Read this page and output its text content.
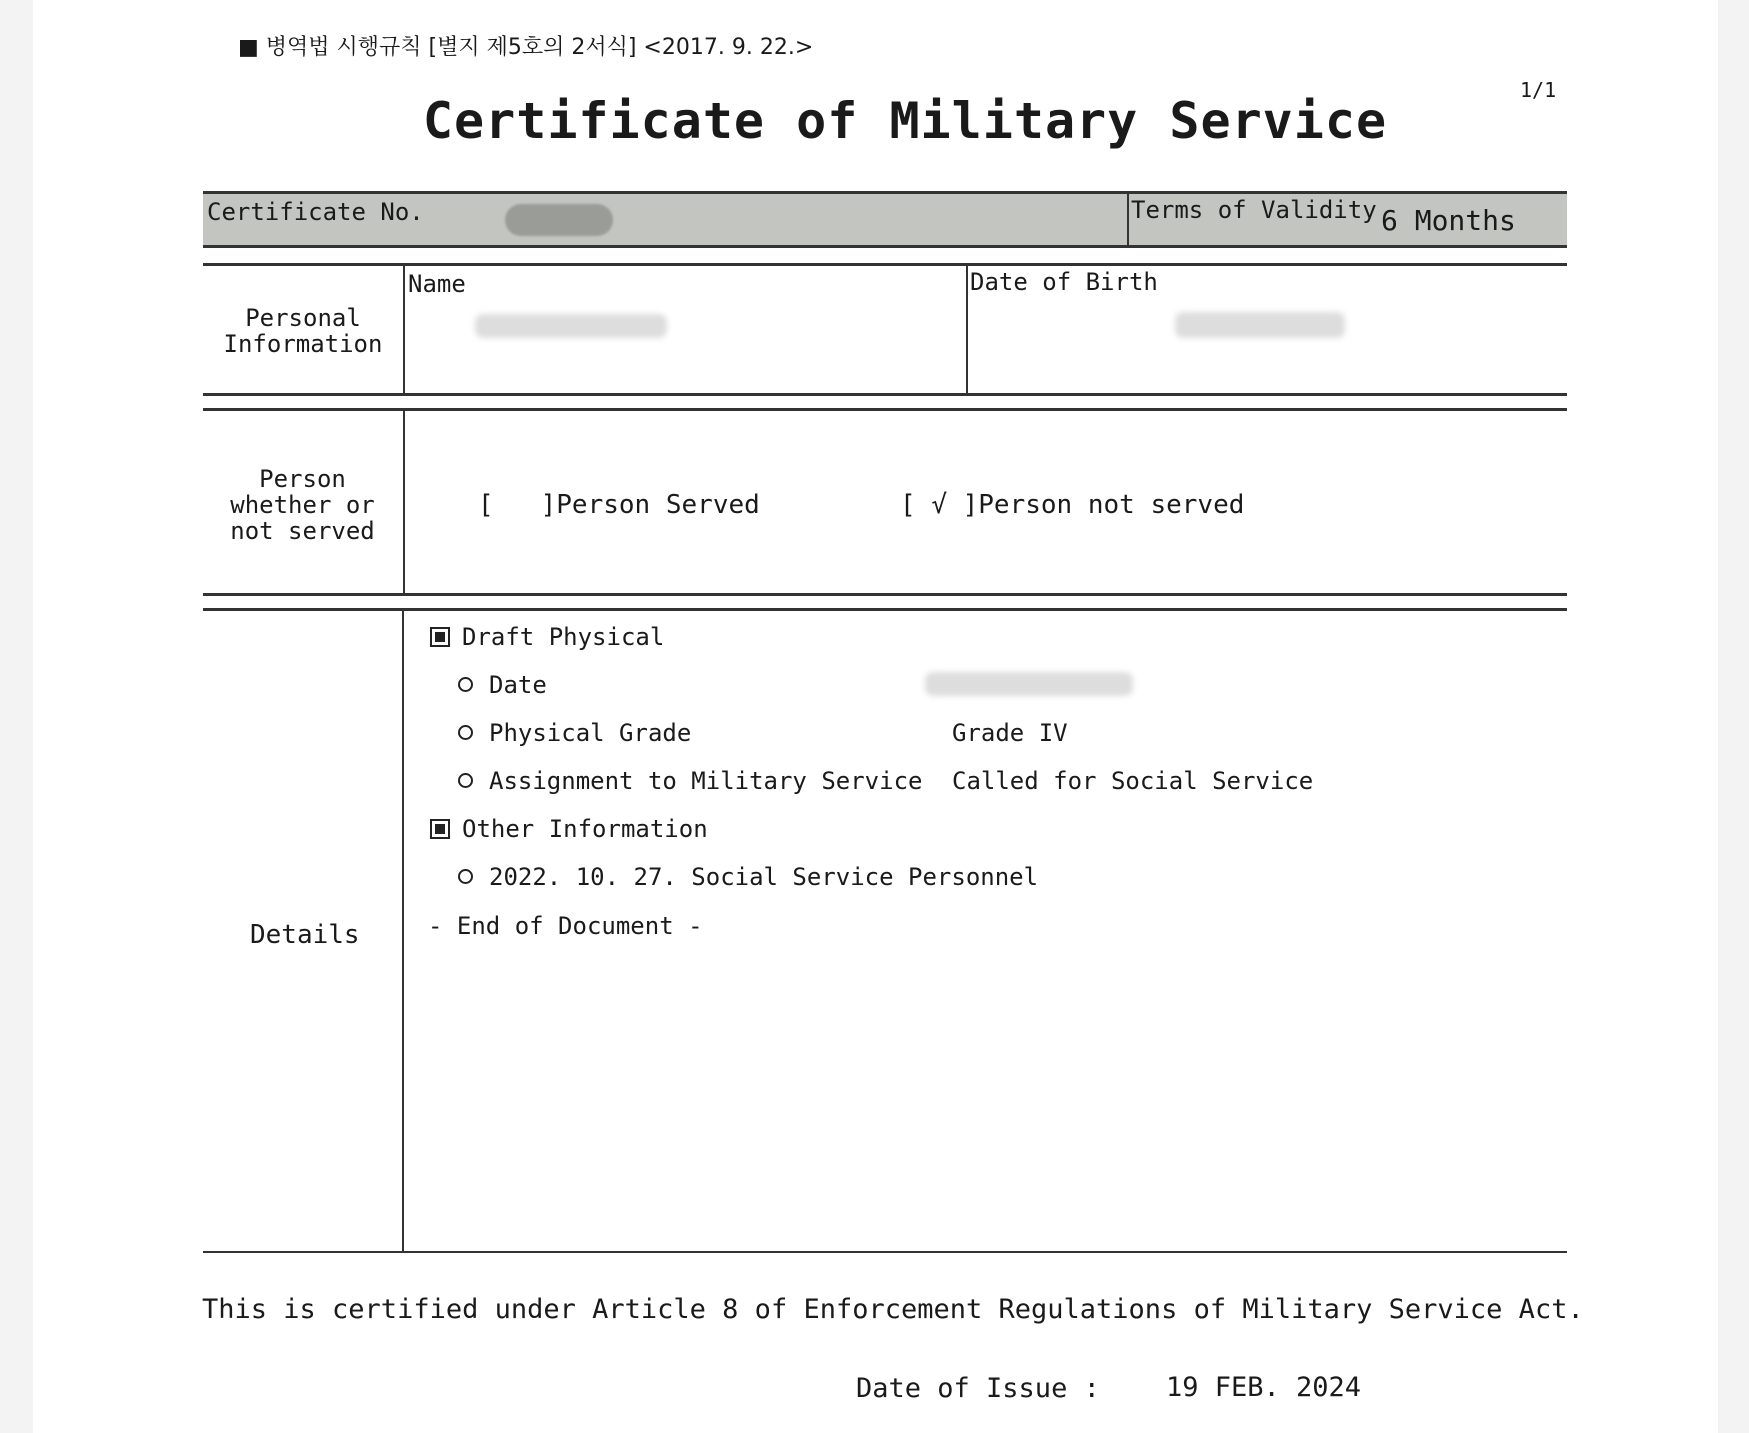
■ 병역법 시행규칙 [별지 제5호의 2서식] <2017. 9. 22.>
1/1
Certificate of Military Service
Certificate No.	Terms of Validity 6 Months
Personal Information
Name	Date of Birth
Person whether or not served
[   ]Person Served	[ √ ]Person not served
Details
Draft Physical
Date
Physical Grade	Grade IV
Assignment to Military Service Called for Social Service
Other Information
2022. 10. 27. Social Service Personnel
- End of Document -
This is certified under Article 8 of Enforcement Regulations of Military Service Act.
Date of Issue : 19 FEB. 2024
